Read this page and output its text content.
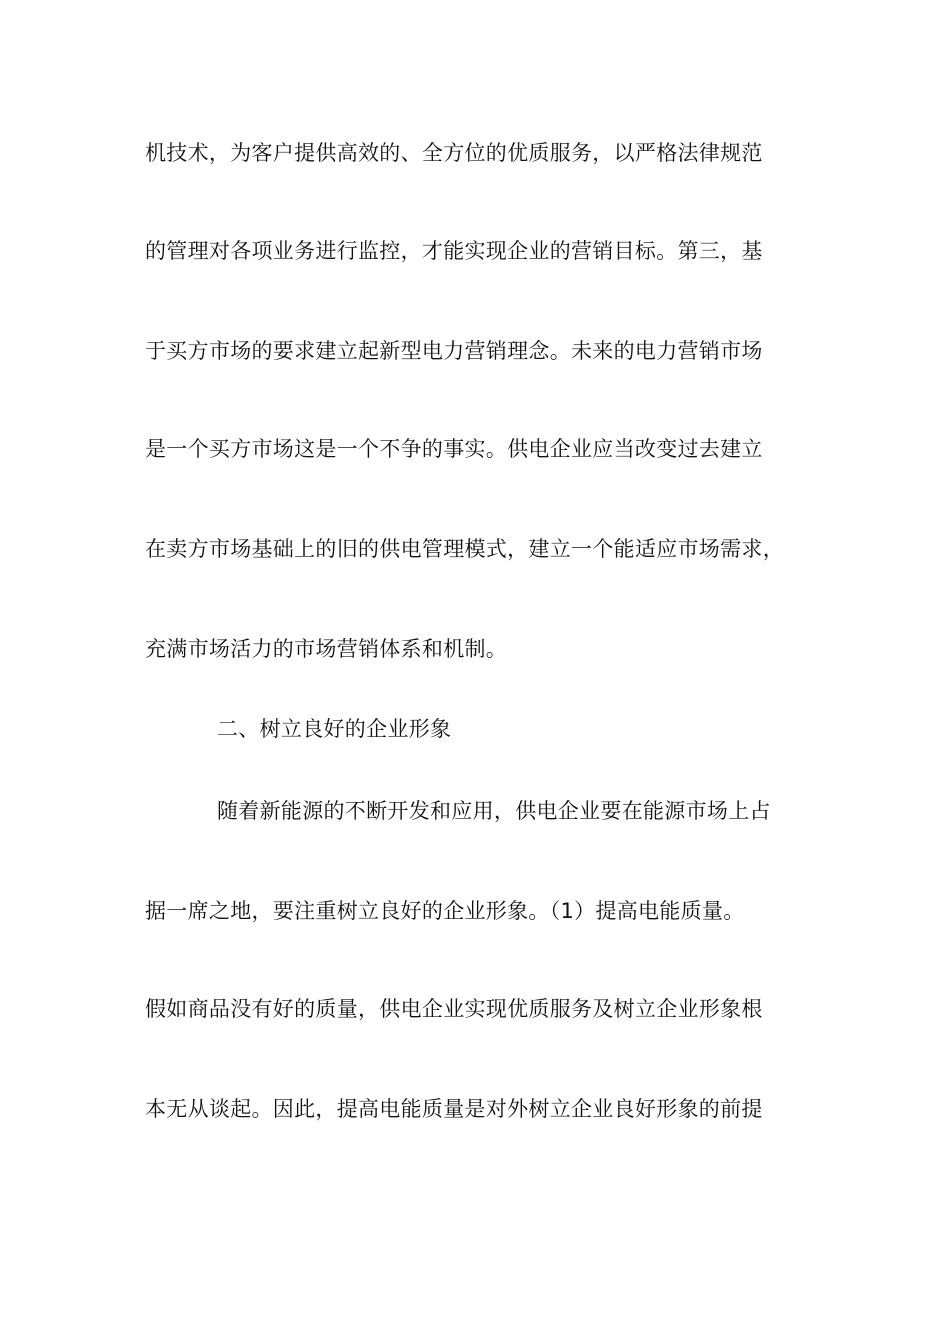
机技术，为客户提供高效的、全方位的优质服务，以严格法律规范
的管理对各项业务进行监控，才能实现企业的营销目标。第三，基
于买方市场的要求建立起新型电力营销理念。未来的电力营销市场
是一个买方市场这是一个不争的事实。供电企业应当改变过去建立
在卖方市场基础上的旧的供电管理模式，建立一个能适应市场需求，
充满市场活力的市场营销体系和机制。
二、树立良好的企业形象
随着新能源的不断开发和应用，供电企业要在能源市场上占
据一席之地，要注重树立良好的企业形象。（1）提高电能质量。
假如商品没有好的质量，供电企业实现优质服务及树立企业形象根
本无从谈起。因此，提高电能质量是对外树立企业良好形象的前提
